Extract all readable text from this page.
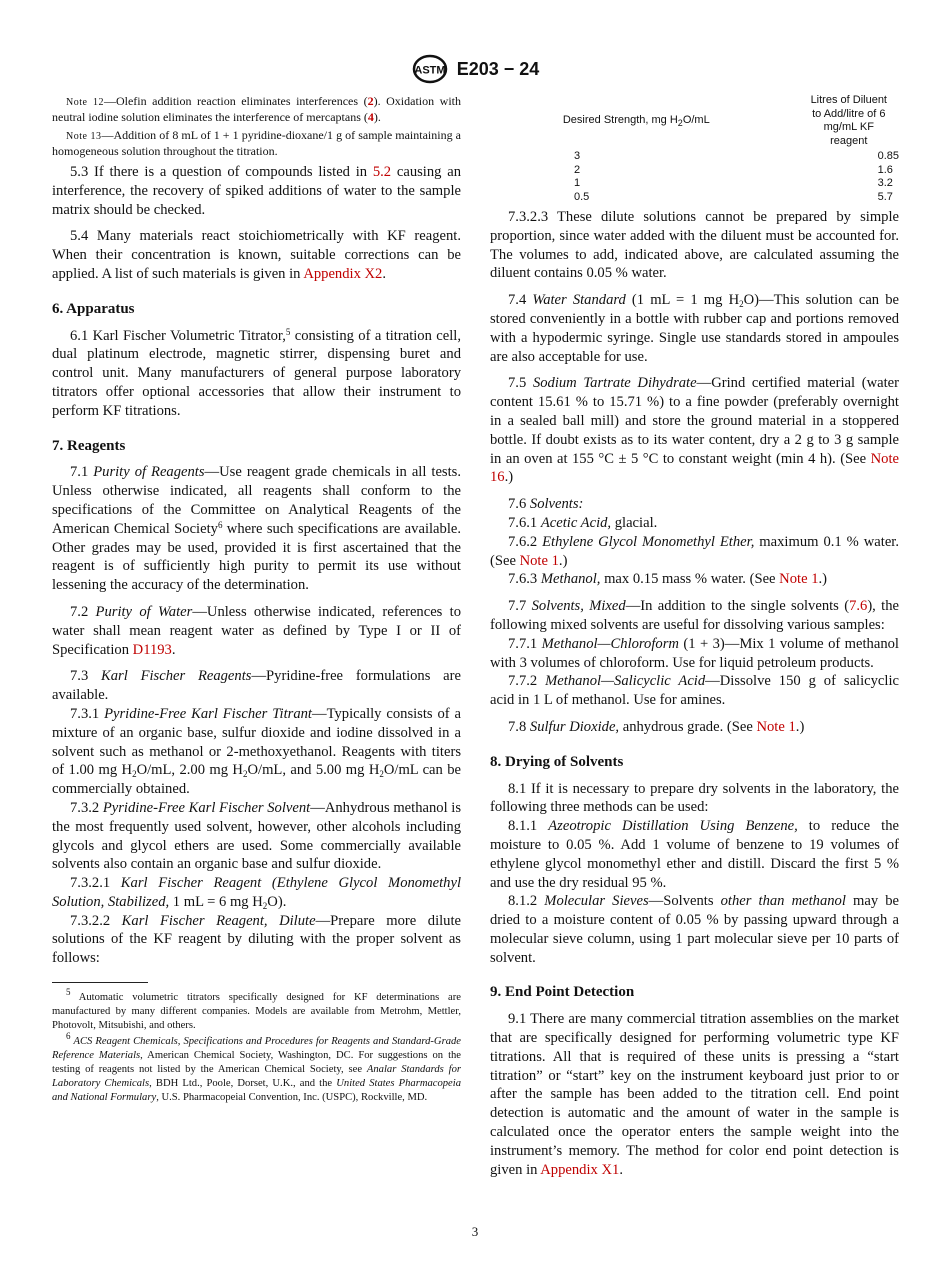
ASTM E203 − 24

Note 12—Olefin addition reaction eliminates interferences (2). Oxidation with neutral iodine solution eliminates the interference of mercaptans (4).

Note 13—Addition of 8 mL of 1 + 1 pyridine-dioxane/1 g of sample maintaining a homogeneous solution throughout the titration.

5.3 If there is a question of compounds listed in 5.2 causing an interference, the recovery of spiked additions of water to the sample matrix should be checked.

5.4 Many materials react stoichiometrically with KF reagent. When their concentration is known, suitable corrections can be applied. A list of such materials is given in Appendix X2.

6. Apparatus

6.1 Karl Fischer Volumetric Titrator,$^5$ consisting of a titration cell, dual platinum electrode, magnetic stirrer, dispensing buret and control unit. Many manufacturers of general purpose laboratory titrators offer optional accessories that allow their instrument to perform KF titrations.

7. Reagents

7.1 Purity of Reagents—Use reagent grade chemicals in all tests. Unless otherwise indicated, all reagents shall conform to the specifications of the Committee on Analytical Reagents of the American Chemical Society$^6$ where such specifications are available. Other grades may be used, provided it is first ascertained that the reagent is of sufficiently high purity to permit its use without lessening the accuracy of the determination.

7.2 Purity of Water—Unless otherwise indicated, references to water shall mean reagent water as defined by Type I or II of Specification D1193.

7.3 Karl Fischer Reagents—Pyridine-free formulations are available.

7.3.1 Pyridine-Free Karl Fischer Titrant—Typically consists of a mixture of an organic base, sulfur dioxide and iodine dissolved in a solvent such as methanol or 2-methoxyethanol. Reagents with titers of 1.00 mg $H_2O/mL$, 2.00 mg $H_2O/mL$, and 5.00 mg $H_2O/mL$ can be commercially obtained.

7.3.2 Pyridine-Free Karl Fischer Solvent—Anhydrous methanol is the most frequently used solvent, however, other alcohols including glycols and glycol ethers are used. Some commercially available solvents also contain an organic base and sulfur dioxide.

7.3.2.1 Karl Fischer Reagent (Ethylene Glycol Monomethyl Solution, Stabilized, 1 mL = 6 mg $H_2O$).

7.3.2.2 Karl Fischer Reagent, Dilute—Prepare more dilute solutions of the KF reagent by diluting with the proper solvent as follows:

$^5$ Automatic volumetric titrators specifically designed for KF determinations are manufactured by many different companies. Models are available from Metrohm, Mettler, Photovolt, Mitsubishi, and others.

$^6$ ACS Reagent Chemicals, Specifications and Procedures for Reagents and Standard-Grade Reference Materials, American Chemical Society, Washington, DC. For suggestions on the testing of reagents not listed by the American Chemical Society, see Analar Standards for Laboratory Chemicals, BDH Ltd., Poole, Dorset, U.K., and the United States Pharmacopeia and National Formulary, U.S. Pharmacopeial Convention, Inc. (USPC), Rockville, MD.

Desired Strength, mg $H_2O/mL$	Litres of Diluent to Add/litre of 6 mg/mL KF reagent
3	0.85
2	1.6
1	3.2
0.5	5.7

7.3.2.3 These dilute solutions cannot be prepared by simple proportion, since water added with the diluent must be accounted for. The volumes to add, indicated above, are calculated assuming the diluent contains 0.05 % water.

7.4 Water Standard (1 mL = 1 mg $H_2O)—This$ solution can be stored conveniently in a bottle with rubber cap and portions removed with a hypodermic syringe. Single use standards stored in ampoules are also acceptable for use.

7.5 Sodium Tartrate Dihydrate—Grind certified material (water content 15.61 % to 15.71 %) to a fine powder (preferably overnight in a sealed ball mill) and store the ground material in a stoppered bottle. If doubt exists as to its water content, dry a 2 g to 3 g sample in an oven at 155 °C ± 5 °C to constant weight (min 4 h). (See Note 16.)

7.6 Solvents:

7.6.1 Acetic Acid, glacial.

7.6.2 Ethylene Glycol Monomethyl Ether, maximum 0.1 % water. (See Note 1.)

7.6.3 Methanol, max 0.15 mass % water. (See Note 1.)

7.7 Solvents, Mixed—In addition to the single solvents (7.6), the following mixed solvents are useful for dissolving various samples:

7.7.1 Methanol—Chloroform (1 + 3)—Mix 1 volume of methanol with 3 volumes of chloroform. Use for liquid petroleum products.

7.7.2 Methanol—Salicyclic Acid—Dissolve 150 g of salicyclic acid in 1 L of methanol. Use for amines.

7.8 Sulfur Dioxide, anhydrous grade. (See Note 1.)

8. Drying of Solvents

8.1 If it is necessary to prepare dry solvents in the laboratory, the following three methods can be used:

8.1.1 Azeotropic Distillation Using Benzene, to reduce the moisture to 0.05 %. Add 1 volume of benzene to 19 volumes of ethylene glycol monomethyl ether and distill. Discard the first 5 % and use the dry residual 95 %.

8.1.2 Molecular Sieves—Solvents other than methanol may be dried to a moisture content of 0.05 % by passing upward through a molecular sieve column, using 1 part molecular sieve per 10 parts of solvent.

9. End Point Detection

9.1 There are many commercial titration assemblies on the market that are specifically designed for performing volumetric type KF titrations. All that is required of these units is pressing a “start titration” or “start” key on the instrument keyboard just prior to or after the sample has been added to the titration cell. End point detection is automatic and the amount of water in the sample is calculated once the operator enters the sample weight into the instrument’s memory. The method for color end point detection is given in Appendix X1.

3
